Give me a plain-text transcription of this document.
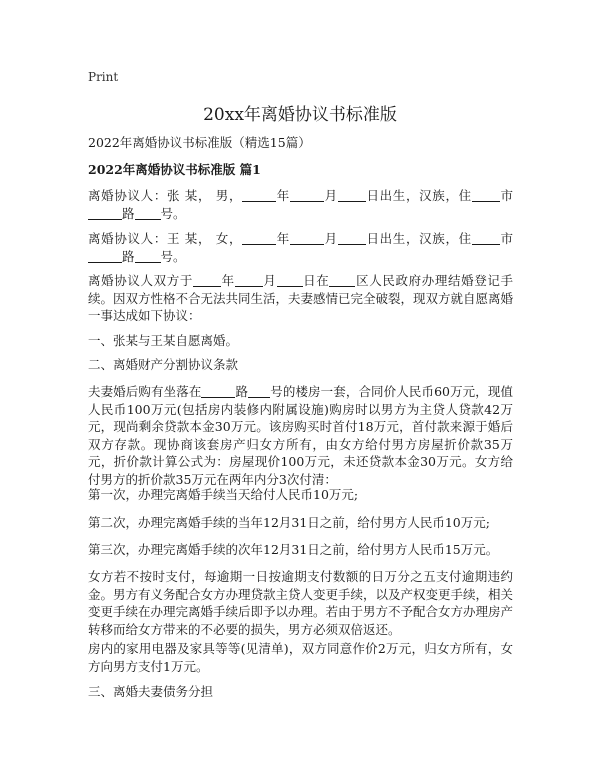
Print
20xx年离婚协议书标准版
2022年离婚协议书标准版（精选15篇）
2022年离婚协议书标准版 篇1

离婚协议人：张 某， 男，	年	月 日出生，汉族，住 市路 号。

离婚协议人：王 某， 女，	年	月 日出生，汉族，住 市路 号。

离婚协议人双方于 年 月 日在 区人民政府办理结婚登记手续。因双方性格不合无法共同生活，夫妻感情已完全破裂，现双方就自愿离婚一事达成如下协议：

一、张某与王某自愿离婚。

二、离婚财产分割协议条款

夫妻婚后购有坐落在	路 号的楼房一套，合同价人民币60万元，现值人民币100万元(包括房内装修内附属设施)购房时以男方为主贷人贷款42万元，现尚剩余贷款本金30万元。该房购买时首付18万元，首付款来源于婚后双方存款。现协商该套房产归女方所有，由女方给付男方房屋折价款35万元，折价款计算公式为：房屋现价100万元，未还贷款本金30万元。女方给付男方的折价款35万元在两年内分3次付清：

第一次，办理完离婚手续当天给付人民币10万元;

第二次，办理完离婚手续的当年12月31日之前，给付男方人民币10万元;

第三次，办理完离婚手续的次年12月31日之前，给付男方人民币15万元。

女方若不按时支付，每逾期一日按逾期支付数额的日万分之五支付逾期违约金。男方有义务配合女方办理贷款主贷人变更手续，以及产权变更手续，相关变更手续在办理完离婚手续后即予以办理。若由于男方不予配合女方办理房产转移而给女方带来的不必要的损失，男方必须双倍返还。

房内的家用电器及家具等等(见清单)，双方同意作价2万元，归女方所有，女方向男方支付1万元。

三、离婚夫妻债务分担
